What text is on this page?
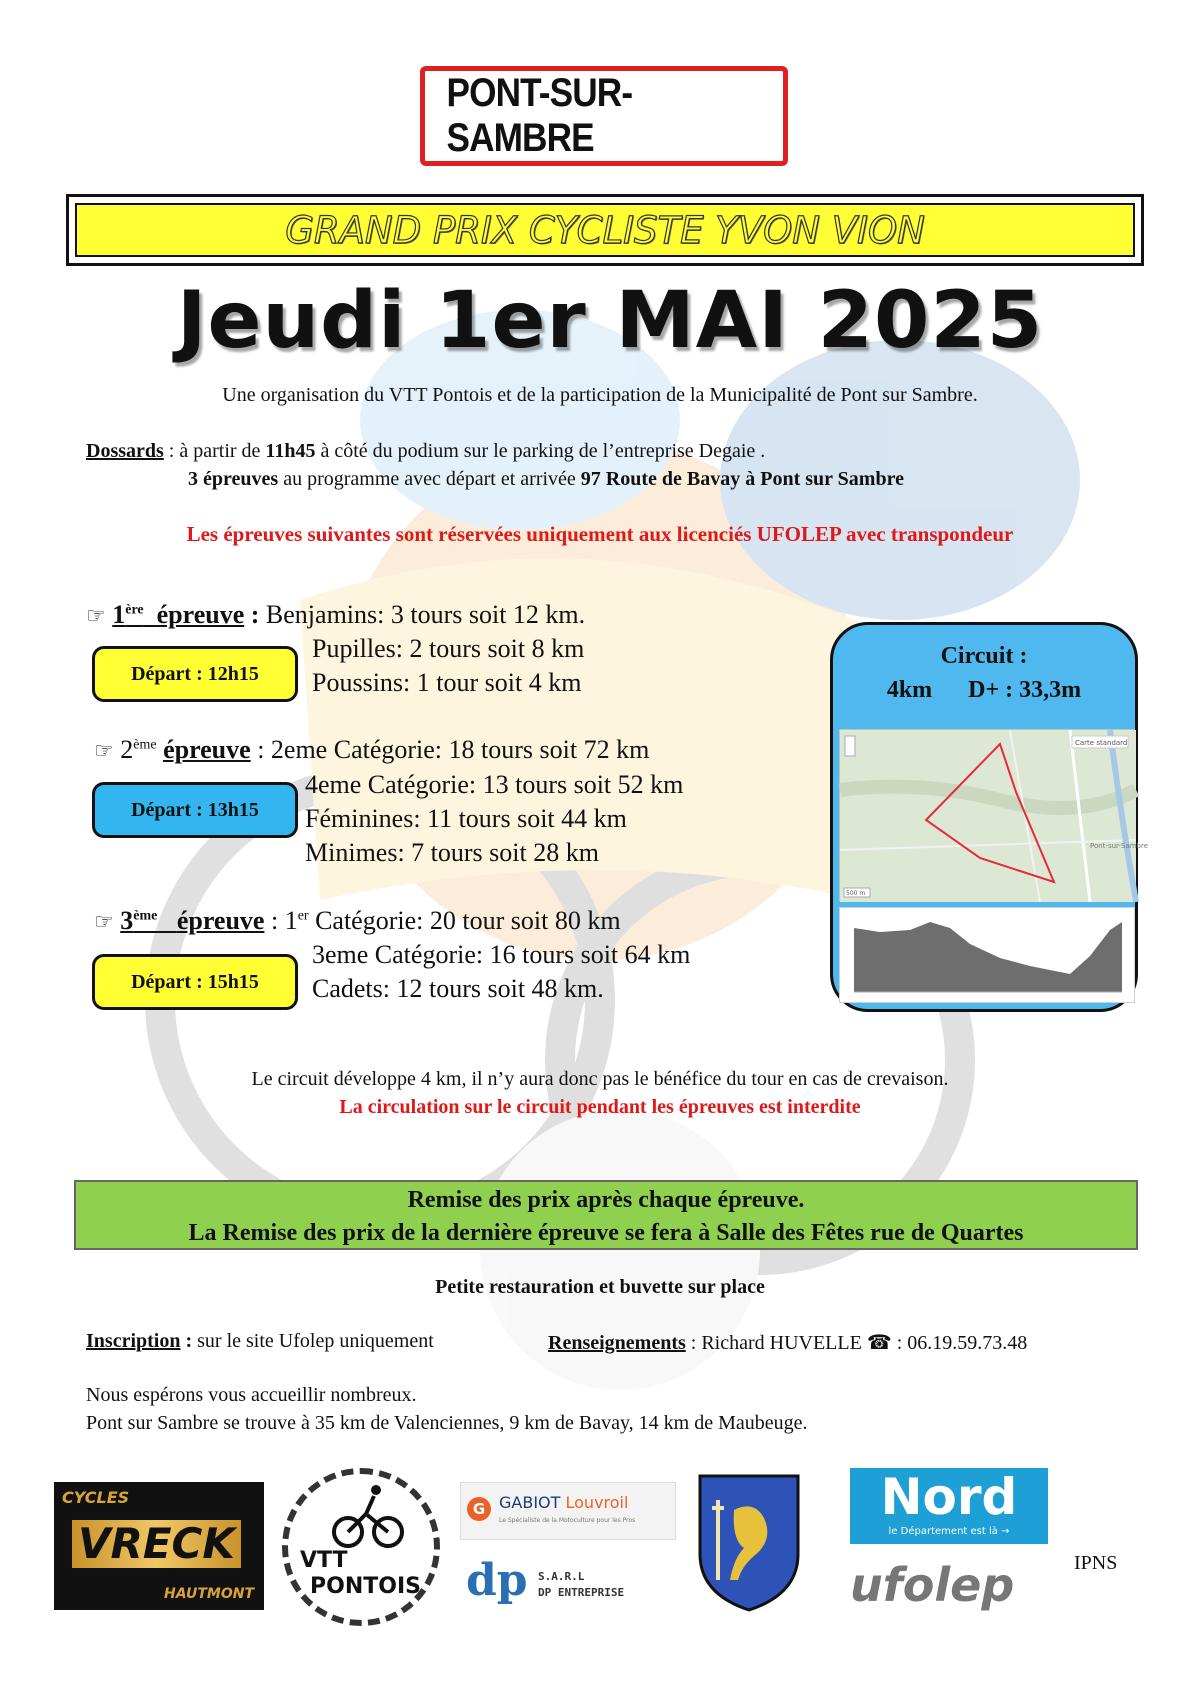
PONT-SUR-SAMBRE
GRAND PRIX CYCLISTE YVON VION
Jeudi 1er MAI 2025
Une organisation du VTT Pontois et de la participation de la Municipalité de Pont sur Sambre.
Dossards : à partir de 11h45 à côté du podium sur le parking de l’entreprise Degaie .
3 épreuves au programme avec départ et arrivée 97 Route de Bavay à Pont sur Sambre
Les épreuves suivantes sont réservées uniquement aux licenciés UFOLEP avec transpondeur
☞ 1ère épreuve : Benjamins: 3 tours soit 12 km.
Pupilles: 2 tours soit 8 km
Poussins: 1 tour soit 4 km
Départ : 12h15
☞ 2ème épreuve : 2eme Catégorie: 18 tours soit 72 km
4eme Catégorie: 13 tours soit 52 km
Féminines: 11 tours soit 44 km
Minimes: 7 tours soit 28 km
Départ : 13h15
☞ 3ème épreuve : 1er Catégorie: 20 tour soit 80 km
3eme Catégorie: 16 tours soit 64 km
Cadets: 12 tours soit 48 km.
Départ : 15h15
Circuit :
4km D+ : 33,3m
Carte standard
Pont-sur-Sambre
500 m
Le circuit développe 4 km, il n’y aura donc pas le bénéfice du tour en cas de crevaison.
La circulation sur le circuit pendant les épreuves est interdite
Remise des prix après chaque épreuve.
La Remise des prix de la dernière épreuve se fera à Salle des Fêtes rue de Quartes
Petite restauration et buvette sur place
Inscription : sur le site Ufolep uniquement	Renseignements : Richard HUVELLE ☎ : 06.19.59.73.48
Nous espérons vous accueillir nombreux.
Pont sur Sambre se trouve à 35 km de Valenciennes, 9 km de Bavay, 14 km de Maubeuge.
CYCLES
VRECK
HAUTMONT
VTT
PONTOIS
G GABIOT Louvroil
Le Spécialiste de la Motoculture pour les Pros
dp S.A.R.L
DP ENTREPRISE
Nord
le Département est là →
ufolep	IPNS
